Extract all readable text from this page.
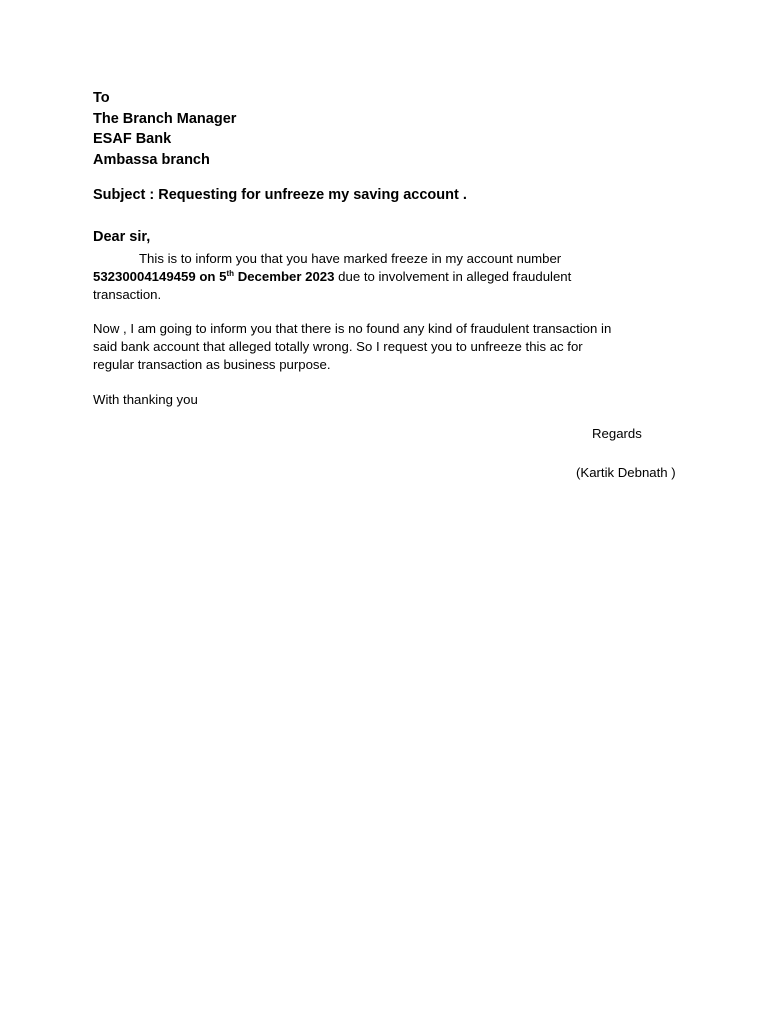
To
The Branch Manager
ESAF Bank
Ambassa branch
Subject : Requesting for unfreeze my saving account .
Dear sir,
This is to inform you that you have marked freeze in my account number
53230004149459 on 5th December 2023 due to involvement in alleged fraudulent
transaction.
Now , I am going to inform you that there is no found any kind of fraudulent transaction in
said bank account that alleged totally wrong. So I request you to unfreeze this ac for
regular transaction as business purpose.
With thanking you
Regards
(Kartik Debnath )
